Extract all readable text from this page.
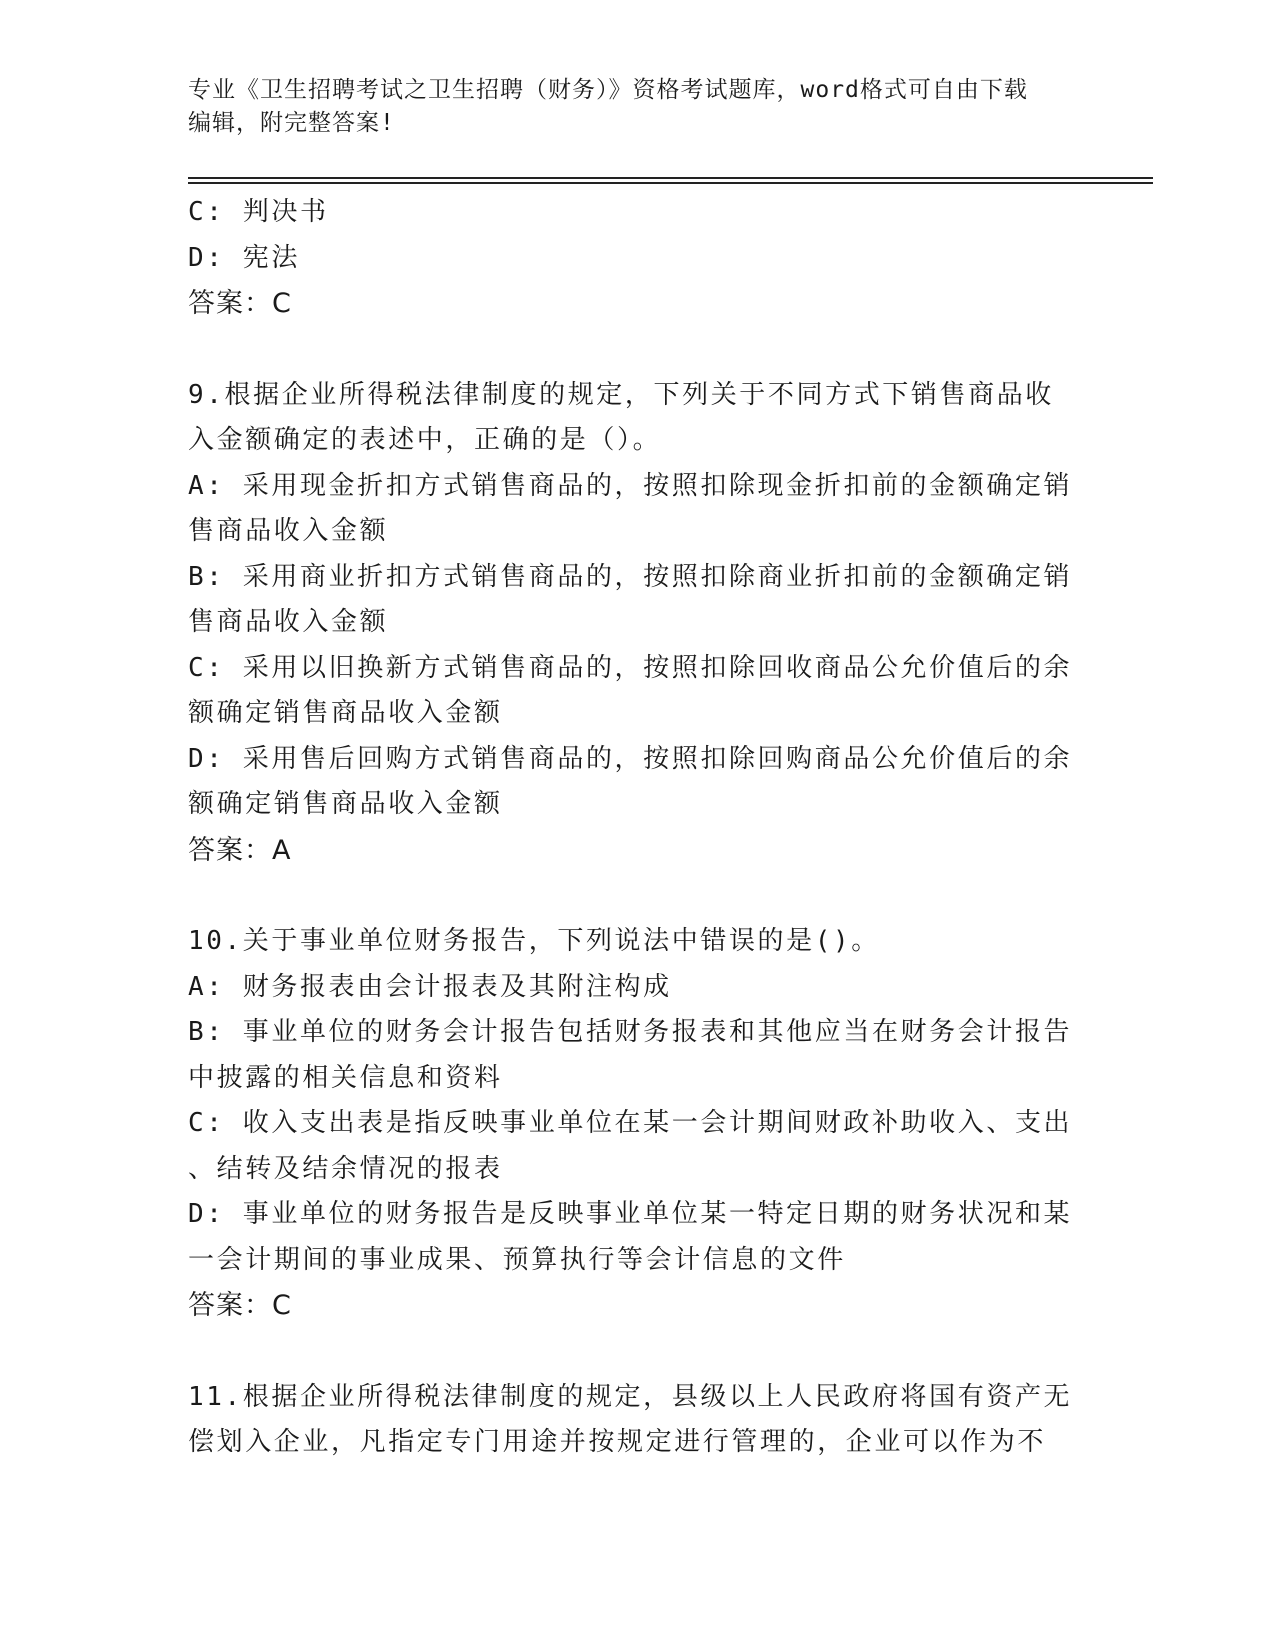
专业《卫生招聘考试之卫生招聘（财务）》资格考试题库，word格式可自由下载
编辑，附完整答案!
C: 判决书
D: 宪法
答案：C
9.根据企业所得税法律制度的规定，下列关于不同方式下销售商品收
入金额确定的表述中，正确的是（）。
A: 采用现金折扣方式销售商品的，按照扣除现金折扣前的金额确定销
售商品收入金额
B: 采用商业折扣方式销售商品的，按照扣除商业折扣前的金额确定销
售商品收入金额
C: 采用以旧换新方式销售商品的，按照扣除回收商品公允价值后的余
额确定销售商品收入金额
D: 采用售后回购方式销售商品的，按照扣除回购商品公允价值后的余
额确定销售商品收入金额
答案：A
10.关于事业单位财务报告，下列说法中错误的是()。
A: 财务报表由会计报表及其附注构成
B: 事业单位的财务会计报告包括财务报表和其他应当在财务会计报告
中披露的相关信息和资料
C: 收入支出表是指反映事业单位在某一会计期间财政补助收入、支出
、结转及结余情况的报表
D: 事业单位的财务报告是反映事业单位某一特定日期的财务状况和某
一会计期间的事业成果、预算执行等会计信息的文件
答案：C
11.根据企业所得税法律制度的规定，县级以上人民政府将国有资产无
偿划入企业，凡指定专门用途并按规定进行管理的，企业可以作为不
